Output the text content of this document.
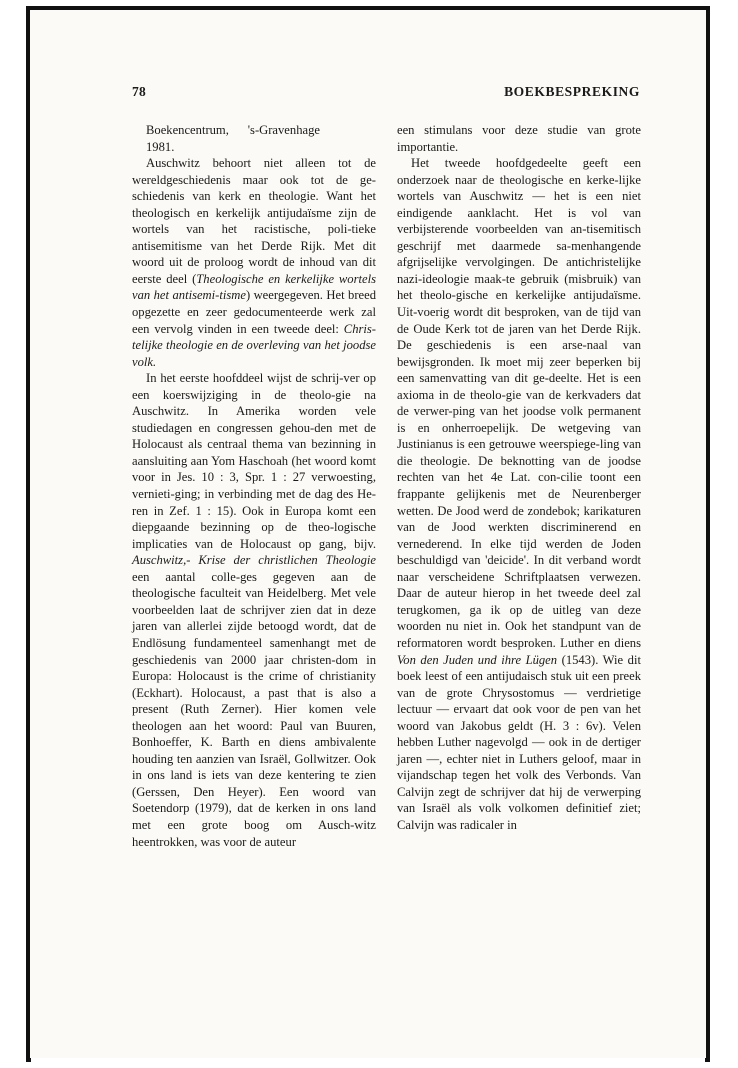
78	BOEKBESPREKING

Boekencentrum,      's-Gravenhage
1981.

Auschwitz behoort niet alleen tot de wereldgeschiedenis maar ook tot de ge-schiedenis van kerk en theologie. Want het theologisch en kerkelijk antijudaïsme zijn de wortels van het racistische, poli-tieke antisemitisme van het Derde Rijk. Met dit woord uit de proloog wordt de inhoud van dit eerste deel (Theologische en kerkelijke wortels van het antisemi-tisme) weergegeven. Het breed opgezette en zeer gedocumenteerde werk zal een vervolg vinden in een tweede deel: Chris-telijke theologie en de overleving van het joodse volk.

In het eerste hoofddeel wijst de schrij-ver op een koerswijziging in de theolo-gie na Auschwitz. In Amerika worden vele studiedagen en congressen gehou-den met de Holocaust als centraal thema van bezinning in aansluiting aan Yom Haschoah (het woord komt voor in Jes. 10 : 3, Spr. 1 : 27 verwoesting, vernieti-ging; in verbinding met de dag des He-ren in Zef. 1 : 15). Ook in Europa komt een diepgaande bezinning op de theo-logische implicaties van de Holocaust op gang, bijv. Auschwitz,- Krise der christlichen Theologie een aantal colle-ges gegeven aan de theologische faculteit van Heidelberg. Met vele voorbeelden laat de schrijver zien dat in deze jaren van allerlei zijde betoogd wordt, dat de Endlösung fundamenteel samenhangt met de geschiedenis van 2000 jaar christen-dom in Europa: Holocaust is the crime of christianity (Eckhart). Holocaust, a past that is also a present (Ruth Zerner). Hier komen vele theologen aan het woord: Paul van Buuren, Bonhoeffer, K. Barth en diens ambivalente houding ten aanzien van Israël, Gollwitzer. Ook in ons land is iets van deze kentering te zien (Gerssen, Den Heyer). Een woord van Soetendorp (1979), dat de kerken in ons land met een grote boog om Ausch-witz heentrokken, was voor de auteur

een stimulans voor deze studie van grote importantie.

Het tweede hoofdgedeelte geeft een onderzoek naar de theologische en kerke-lijke wortels van Auschwitz — het is een niet eindigende aanklacht. Het is vol van verbijsterende voorbeelden van an-tisemitisch geschrijf met daarmede sa-menhangende afgrijselijke vervolgingen. De antichristelijke nazi-ideologie maak-te gebruik (misbruik) van het theolo-gische en kerkelijke antijudaïsme. Uit-voerig wordt dit besproken, van de tijd van de Oude Kerk tot de jaren van het Derde Rijk. De geschiedenis is een arse-naal van bewijsgronden. Ik moet mij zeer beperken bij een samenvatting van dit ge-deelte. Het is een axioma in de theolo-gie van de kerkvaders dat de verwer-ping van het joodse volk permanent is en onherroepelijk. De wetgeving van Justinianus is een getrouwe weerspiege-ling van die theologie. De beknotting van de joodse rechten van het 4e Lat. con-cilie toont een frappante gelijkenis met de Neurenberger wetten. De Jood werd de zondebok; karikaturen van de Jood werkten discriminerend en vernederend. In elke tijd werden de Joden beschuldigd van 'deicide'. In dit verband wordt naar verscheidene Schriftplaatsen verwezen. Daar de auteur hierop in het tweede deel zal terugkomen, ga ik op de uitleg van deze woorden nu niet in. Ook het standpunt van de reformatoren wordt besproken. Luther en diens Von den Juden und ihre Lügen (1543). Wie dit boek leest of een antijudaisch stuk uit een preek van de grote Chrysostomus — verdrietige lectuur — ervaart dat ook voor de pen van het woord van Jakobus geldt (H. 3 : 6v). Velen hebben Luther nagevolgd — ook in de dertiger jaren —, echter niet in Luthers geloof, maar in vijandschap tegen het volk des Verbonds. Van Calvijn zegt de schrijver dat hij de verwerping van Israël als volk volkomen definitief ziet; Calvijn was radicaler in
